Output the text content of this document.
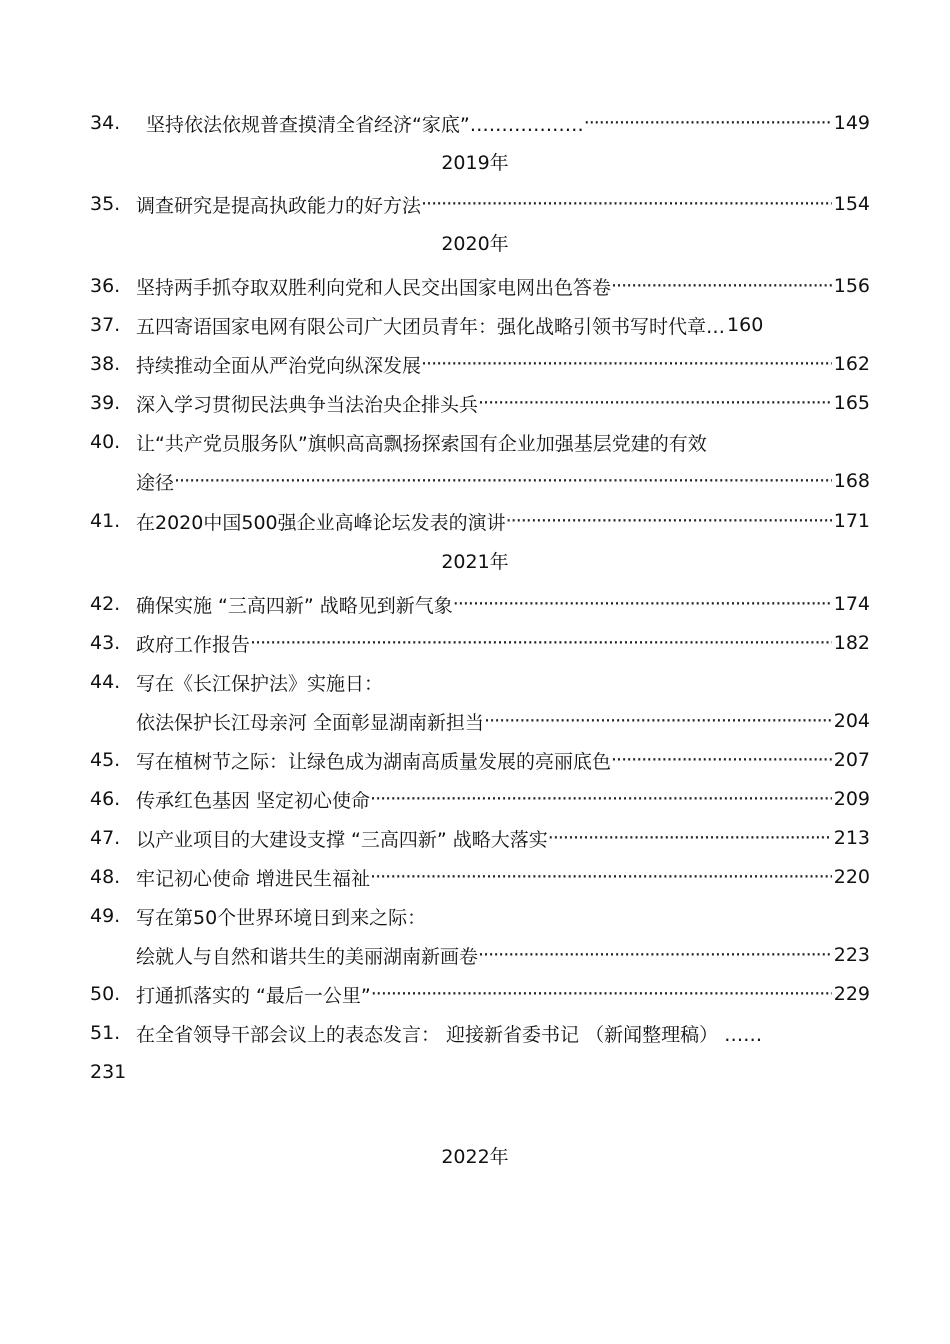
34.	坚持依法依规普查摸清全省经济“家底”……………… ·····	149
2019年
35. 调查研究是提高执政能力的好方法 ·····	154
2020年
36. 坚持两手抓夺取双胜利向党和人民交出国家电网出色答卷 ·····	156
37. 五四寄语国家电网有限公司广大团员青年：强化战略引领书写时代章… 160
38. 持续推动全面从严治党向纵深发展 ·····	162
39. 深入学习贯彻民法典争当法治央企排头兵 ·····	165
40. 让“共产党员服务队”旗帜高高飘扬探索国有企业加强基层党建的有效
途径 ·····	168
41. 在2020中国500强企业高峰论坛发表的演讲 ·····	171
2021年
42. 确保实施 “三高四新” 战略见到新气象 ·····	174
43. 政府工作报告 ·····	182
44. 写在《长江保护法》实施日：
依法保护长江母亲河 全面彰显湖南新担当 ·····	204
45. 写在植树节之际：让绿色成为湖南高质量发展的亮丽底色 ·····	207
46. 传承红色基因 坚定初心使命 ·····	209
47. 以产业项目的大建设支撑 “三高四新” 战略大落实 ·····	213
48. 牢记初心使命 增进民生福祉 ·····	220
49. 写在第50个世界环境日到来之际：
绘就人与自然和谐共生的美丽湖南新画卷 ·····	223
50. 打通抓落实的 “最后一公里” ·····	229
51. 在全省领导干部会议上的表态发言： 迎接新省委书记 （新闻整理稿） ……
231
2022年
